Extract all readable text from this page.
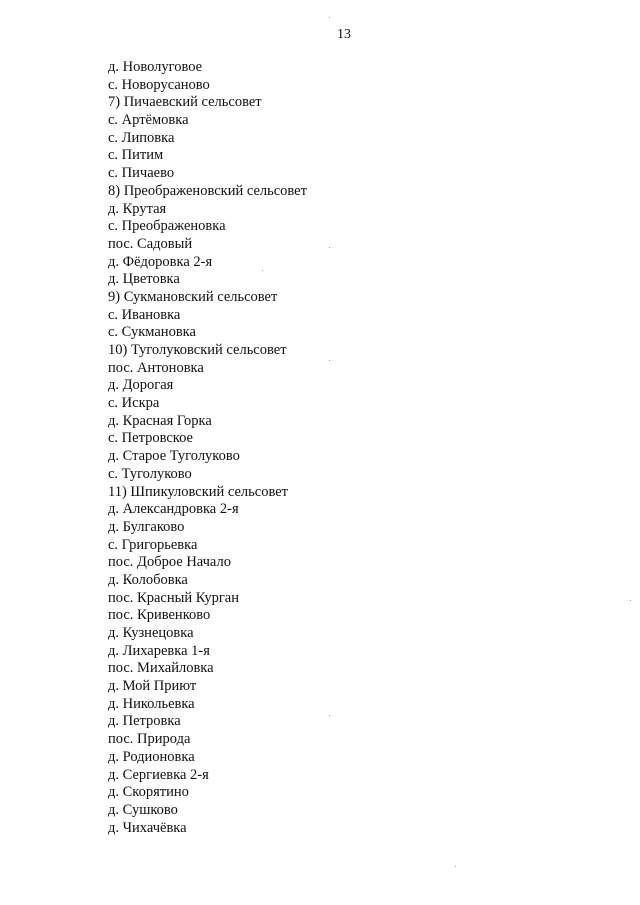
13
д. Новолуговое
с. Новорусаново
7) Пичаевский сельсовет
с. Артёмовка
с. Липовка
с. Питим
с. Пичаево
8) Преображеновский сельсовет
д. Крутая
с. Преображеновка
пос. Садовый
д. Фёдоровка 2-я
д. Цветовка
9) Сукмановский сельсовет
с. Ивановка
с. Сукмановка
10) Туголуковский сельсовет
пос. Антоновка
д. Дорогая
с. Искра
д. Красная Горка
с. Петровское
д. Старое Туголуково
с. Туголуково
11) Шпикуловский сельсовет
д. Александровка 2-я
д. Булгаково
с. Григорьевка
пос. Доброе Начало
д. Колобовка
пос. Красный Курган
пос. Кривенково
д. Кузнецовка
д. Лихаревка 1-я
пос. Михайловка
д. Мой Приют
д. Никольевка
д. Петровка
пос. Природа
д. Родионовка
д. Сергиевка 2-я
д. Скорятино
д. Сушково
д. Чихачёвка
